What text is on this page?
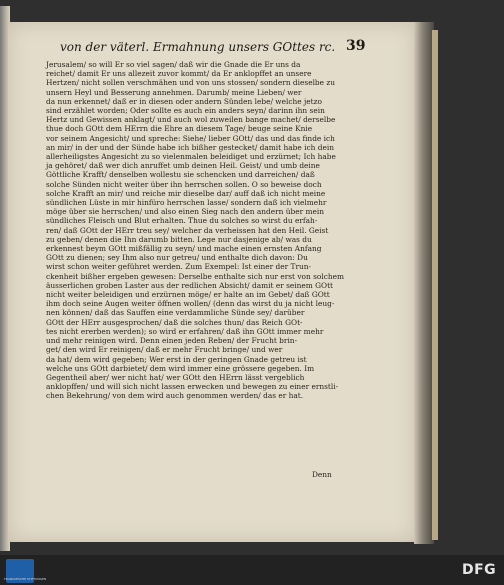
von der väterl. Ermahnung unsers GOttes rc. 39
Jerusalem/ so will Er so viel sagen/ daß wir die Gnade die Er uns da
reichet/ damit Er uns allezeit zuvor kommt/ da Er anklopffet an unsere
Hertzen/ nicht sollen verschmähen und von uns stossen/ sondern dieselbe zu
unsern Heyl und Besserung annehmen. Darumb/ meine Lieben/ wer
da nun erkennet/ daß er in diesen oder andern Sünden lebe/ welche jetzo
sind erzählet worden; Oder sollte es auch ein anders seyn/ darinn ihn sein
Hertz und Gewissen anklagt/ und auch wol zuweilen bange machet/ derselbe
thue doch GOtt dem HErrn die Ehre an diesem Tage/ beuge seine Knie
vor seinem Angesicht/ und spreche: Siehe/ lieber GOtt/ das und das finde ich
an mir/ in der und der Sünde habe ich bißher gestecket/ damit habe ich dein
allerheiligstes Angesicht zu so vielenmalen beleidiget und erzürnet; Ich habe
ja gehöret/ daß wer dich anruffet umb deinen Heil. Geist/ und umb deine
Göttliche Krafft/ denselben wollestu sie schencken und darreichen/ daß
solche Sünden nicht weiter über ihn herrschen sollen. O so beweise doch
solche Krafft an mir/ und reiche mir dieselbe dar/ auff daß ich nicht meine
sündlichen Lüste in mir hinfüro herrschen lasse/ sondern daß ich vielmehr
möge über sie herrschen/ und also einen Sieg nach den andern über mein
sündliches Fleisch und Blut erhalten. Thue du solches so wirst du erfah-
ren/ daß GOtt der HErr treu sey/ welcher da verheissen hat den Heil. Geist
zu geben/ denen die Ihn darumb bitten. Lege nur dasjenige ab/ was du
erkennest beym GOtt mißfällig zu seyn/ und mache einen ernsten Anfang
GOtt zu dienen; sey Ihm also nur getreu/ und enthalte dich davon: Du
wirst schon weiter geführet werden. Zum Exempel: Ist einer der Trun-
ckenheit bißher ergeben gewesen: Derselbe enthalte sich nur erst von solchem
äusserlichen groben Laster aus der redlichen Absicht/ damit er seinem GOtt
nicht weiter beleidigen und erzürnen möge/ er halte an im Gebet/ daß GOtt
ihm doch seine Augen weiter öffnen wollen/ (denn das wirst du ja nicht leug-
nen können/ daß das Sauffen eine verdammliche Sünde sey/ darüber
GOtt der HErr ausgesprochen/ daß die solches thun/ das Reich GOt-
tes nicht ererben werden); so wird er erfahren/ daß ihn GOtt immer mehr
und mehr reinigen wird. Denn einen jeden Reben/ der Frucht brin-
get/ den wird Er reinigen/ daß er mehr Frucht bringe/ und wer
da hat/ dem wird gegeben; Wer erst in der geringen Gnade getreu ist
welche uns GOtt darbietet/ dem wird immer eine grössere gegeben. Im
Gegentheil aber/ wer nicht hat/ wer GOtt den HErrn lässt vergeblich
anklopffen/ und will sich nicht lassen erwecken und bewegen zu einer ernstli-
chen Bekehrung/ von dem wird auch genommen werden/ das er hat.
Denn
FRANCKESCHE STIFTUNGEN
DFG
